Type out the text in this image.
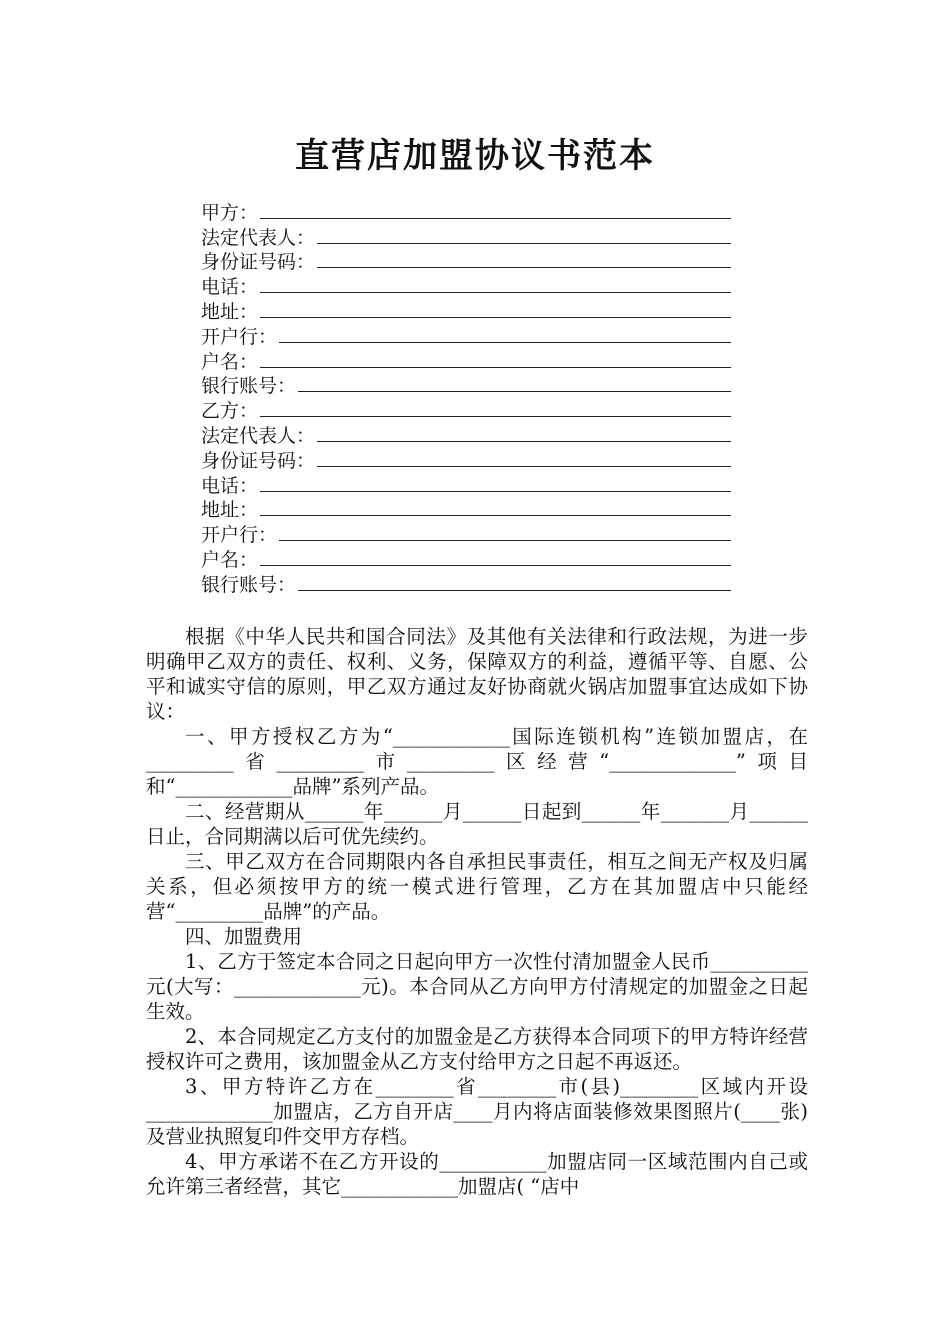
直营店加盟协议书范本
甲方：
法定代表人：
身份证号码：
电话：
地址：
开户行：
户名：
银行账号：
乙方：
法定代表人：
身份证号码：
电话：
地址：
开户行：
户名：
银行账号：

根据《中华人民共和国合同法》及其他有关法律和行政法规，为进一步明确甲乙双方的责任、权利、义务，保障双方的利益，遵循平等、自愿、公平和诚实守信的原则，甲乙双方通过友好协商就火锅店加盟事宜达成如下协议：

一、甲方授权乙方为“____________国际连锁机构”连锁加盟店，在_________省_________市_________区经营“_____________”项目和“____________品牌”系列产品。

二、经营期从______年______月______日起到______年_______月______日止，合同期满以后可优先续约。

三、甲乙双方在合同期限内各自承担民事责任，相互之间无产权及归属关系，但必须按甲方的统一模式进行管理，乙方在其加盟店中只能经营“_________品牌”的产品。

四、加盟费用

1、乙方于签定本合同之日起向甲方一次性付清加盟金人民币__________元(大写：_____________元)。本合同从乙方向甲方付清规定的加盟金之日起生效。

2、本合同规定乙方支付的加盟金是乙方获得本合同项下的甲方特许经营授权许可之费用，该加盟金从乙方支付给甲方之日起不再返还。

3、甲方特许乙方在________省________市(县)________区域内开设_____________加盟店，乙方自开店____月内将店面装修效果图照片(____张)及营业执照复印件交甲方存档。

4、甲方承诺不在乙方开设的___________加盟店同一区域范围内自己或允许第三者经营，其它____________加盟店( “店中
